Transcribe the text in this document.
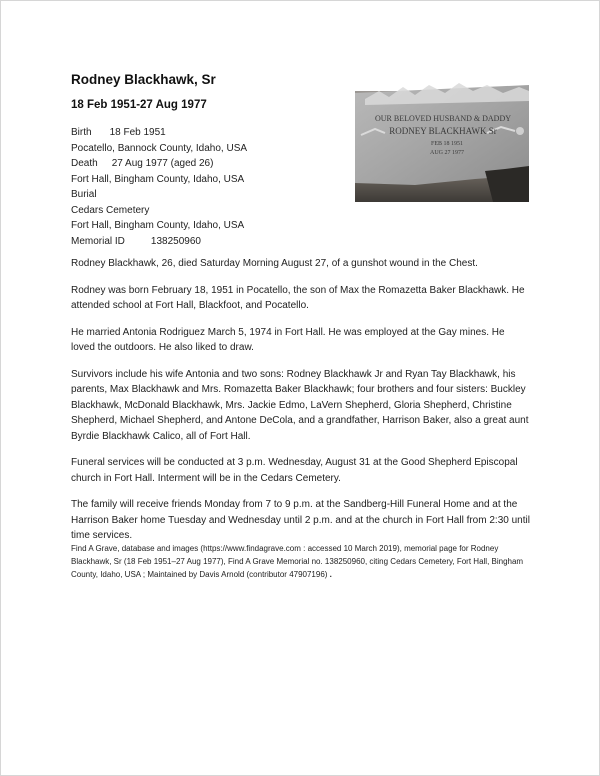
Rodney Blackhawk, Sr
18 Feb 1951-27 Aug 1977
Birth 18 Feb 1951
Pocatello, Bannock County, Idaho, USA
Death 27 Aug 1977 (aged 26)
Fort Hall, Bingham County, Idaho, USA
Burial
Cedars Cemetery
Fort Hall, Bingham County, Idaho, USA
Memorial ID	138250960
OUR BELOVED HUSBAND & DADDY
RODNEY BLACKHAWK Sr
FEB 18 1951
AUG 27 1977

Rodney Blackhawk, 26, died Saturday Morning August 27, of a gunshot wound in the Chest.

Rodney was born February 18, 1951 in Pocatello, the son of Max the Romazetta Baker Blackhawk. He attended school at Fort Hall, Blackfoot, and Pocatello.

He married Antonia Rodriguez March 5, 1974 in Fort Hall. He was employed at the Gay mines. He loved the outdoors. He also liked to draw.

Survivors include his wife Antonia and two sons: Rodney Blackhawk Jr and Ryan Tay Blackhawk, his parents, Max Blackhawk and Mrs. Romazetta Baker Blackhawk; four brothers and four sisters: Buckley Blackhawk, McDonald Blackhawk, Mrs. Jackie Edmo, LaVern Shepherd, Gloria Shepherd, Christine Shepherd, Michael Shepherd, and Antone DeCola, and a grandfather, Harrison Baker, also a great aunt Byrdie Blackhawk Calico, all of Fort Hall.

Funeral services will be conducted at 3 p.m. Wednesday, August 31 at the Good Shepherd Episcopal church in Fort Hall. Interment will be in the Cedars Cemetery.

The family will receive friends Monday from 7 to 9 p.m. at the Sandberg-Hill Funeral Home and at the Harrison Baker home Tuesday and Wednesday until 2 p.m. and at the church in Fort Hall from 2:30 until time services.

Find A Grave, database and images (https://www.findagrave.com : accessed 10 March 2019), memorial page for Rodney Blackhawk, Sr (18 Feb 1951–27 Aug 1977), Find A Grave Memorial no. 138250960, citing Cedars Cemetery, Fort Hall, Bingham County, Idaho, USA ; Maintained by Davis Arnold (contributor 47907196) .
